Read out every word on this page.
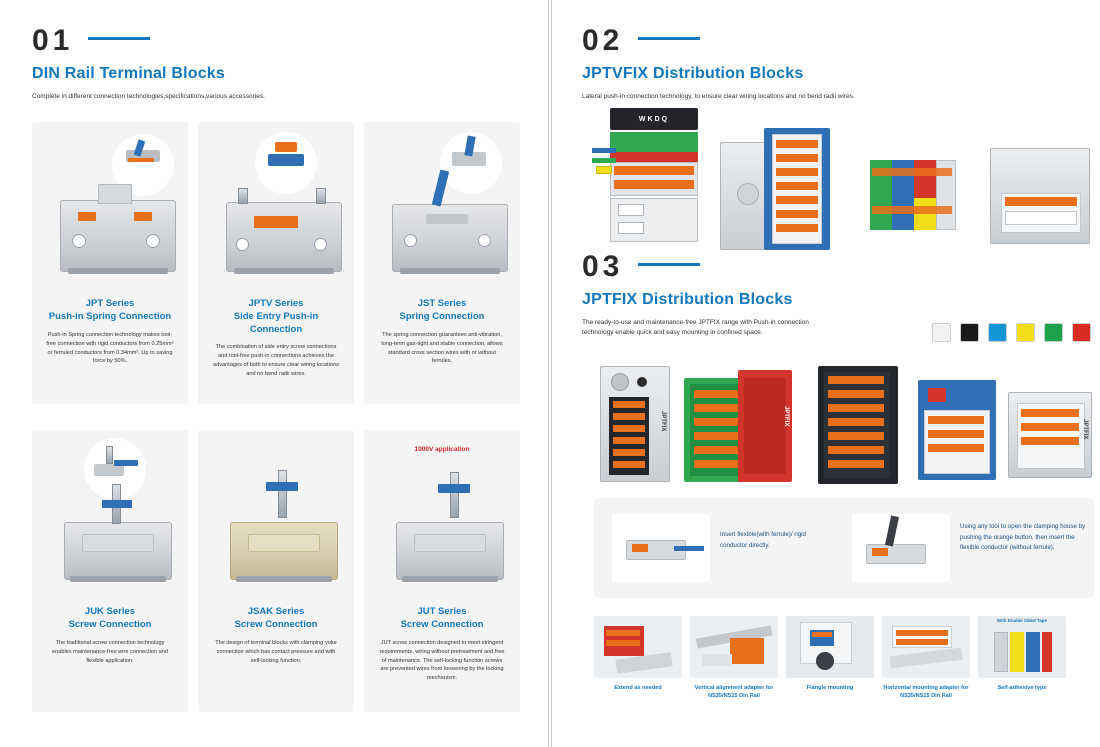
01
DIN Rail Terminal Blocks
Complete in different connection technologies,specifications,various accessories.
JPT Series
Push-in Spring Connection
Push-in Spring connection technology makes tool-free connection with rigid conductors from 0.25mm² or ferruled conductors from 0.34mm². Up to saving force by 50%.
JPTV Series
Side Entry Push-in Connection
The combination of side entry screw connections and tool-free push-in connections achieves the advantages of both to ensure clear wiring locations and no bend radii wires.
JST Series
Spring Connection
The spring connection guarantees anti-vibration, long-term gas-tight and stable connection, allows standard cross section wires with or without ferrules.
JUK Series
Screw Connection
The traditional screw connection technology enables maintenance-free wire connection and flexible application.
JSAK Series
Screw Connection
The design of terminal blocks with clamping yoke connection which has contact pressure and with self-locking function.
1000V application
JUT Series
Screw Connection
JUT screw connection designed to meet stringent requirements, wiring without pretreatment and free of maintenance. The self-locking function screws are prevented wires from loosening by the locking mechanism.
02
JPTVFIX Distribution Blocks
Lateral push-in connection technology, to ensure clear wiring locations and no bend radii wires.
WKDQ
03
JPTFIX Distribution Blocks
The ready-to-use and maintenance-free JPTFIX range with Push-in connection technology enable quick and easy mounting in confined space.
JPTFIX	JPTFIX
JPTFIX
Insert flexible(with ferrule)/ rigid conductor directly.
Using any tool to open the clamping house by pushing the orange button, then insert the flexible conductor (without ferrule).
Extend as needed	Vertical alignment adapter for NS35/NS15 Din Rail
Flangle mounting	Horizontal mounting adapter for NS35/NS15 Din Rail
With Double Sided Tape
Self-adhesive type
